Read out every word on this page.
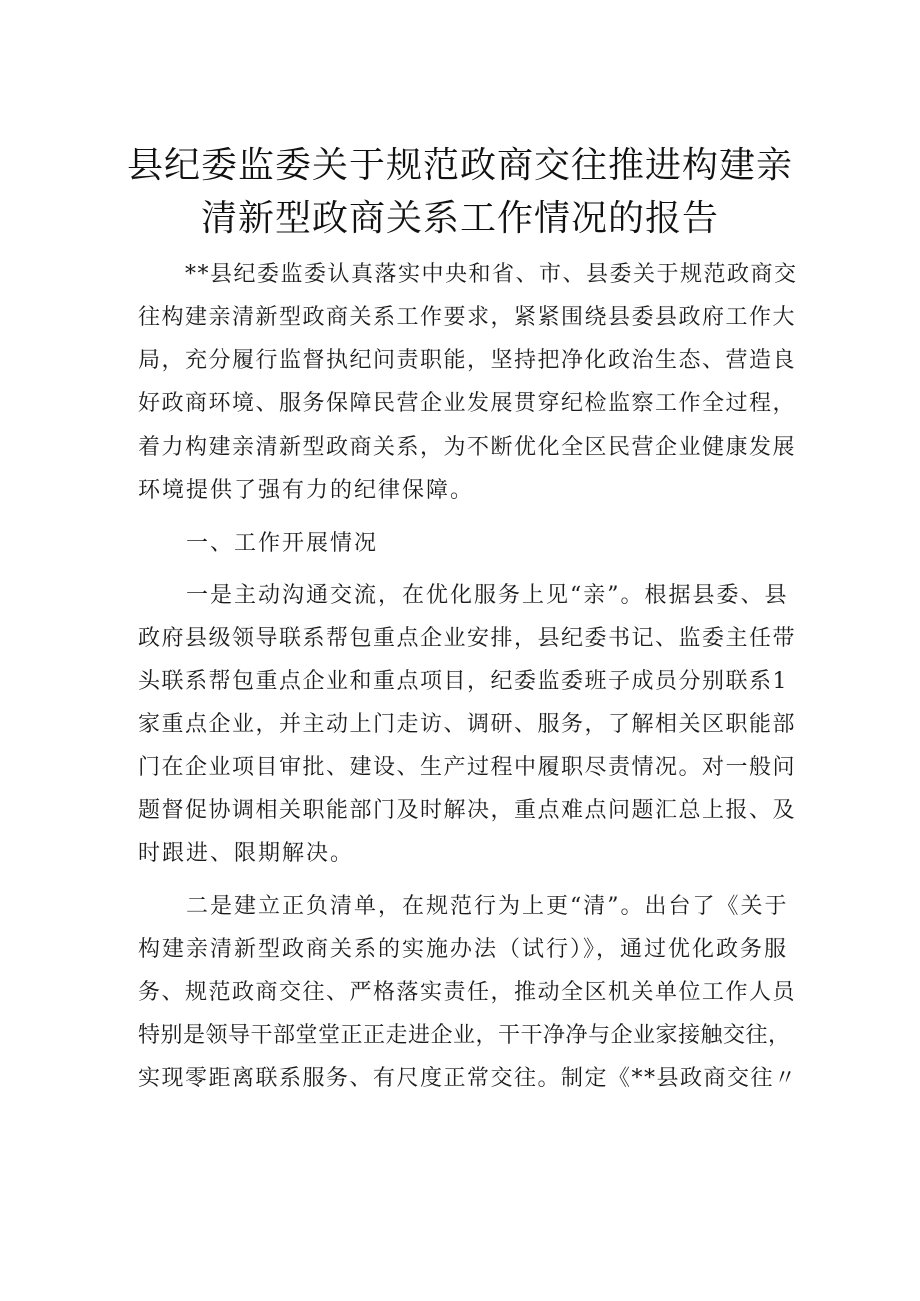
县纪委监委关于规范政商交往推进构建亲
清新型政商关系工作情况的报告
**县纪委监委认真落实中央和省、市、县委关于规范政商交
往构建亲清新型政商关系工作要求，紧紧围绕县委县政府工作大
局，充分履行监督执纪问责职能，坚持把净化政治生态、营造良
好政商环境、服务保障民营企业发展贯穿纪检监察工作全过程，
着力构建亲清新型政商关系，为不断优化全区民营企业健康发展
环境提供了强有力的纪律保障。
一、工作开展情况
一是主动沟通交流，在优化服务上见“亲”。根据县委、县
政府县级领导联系帮包重点企业安排，县纪委书记、监委主任带
头联系帮包重点企业和重点项目，纪委监委班子成员分别联系1
家重点企业，并主动上门走访、调研、服务，了解相关区职能部
门在企业项目审批、建设、生产过程中履职尽责情况。对一般问
题督促协调相关职能部门及时解决，重点难点问题汇总上报、及
时跟进、限期解决。
二是建立正负清单，在规范行为上更“清”。出台了《关于
构建亲清新型政商关系的实施办法（试行）》，通过优化政务服
务、规范政商交往、严格落实责任，推动全区机关单位工作人员
特别是领导干部堂堂正正走进企业，干干净净与企业家接触交往，
实现零距离联系服务、有尺度正常交往。制定《**县政商交往〃
